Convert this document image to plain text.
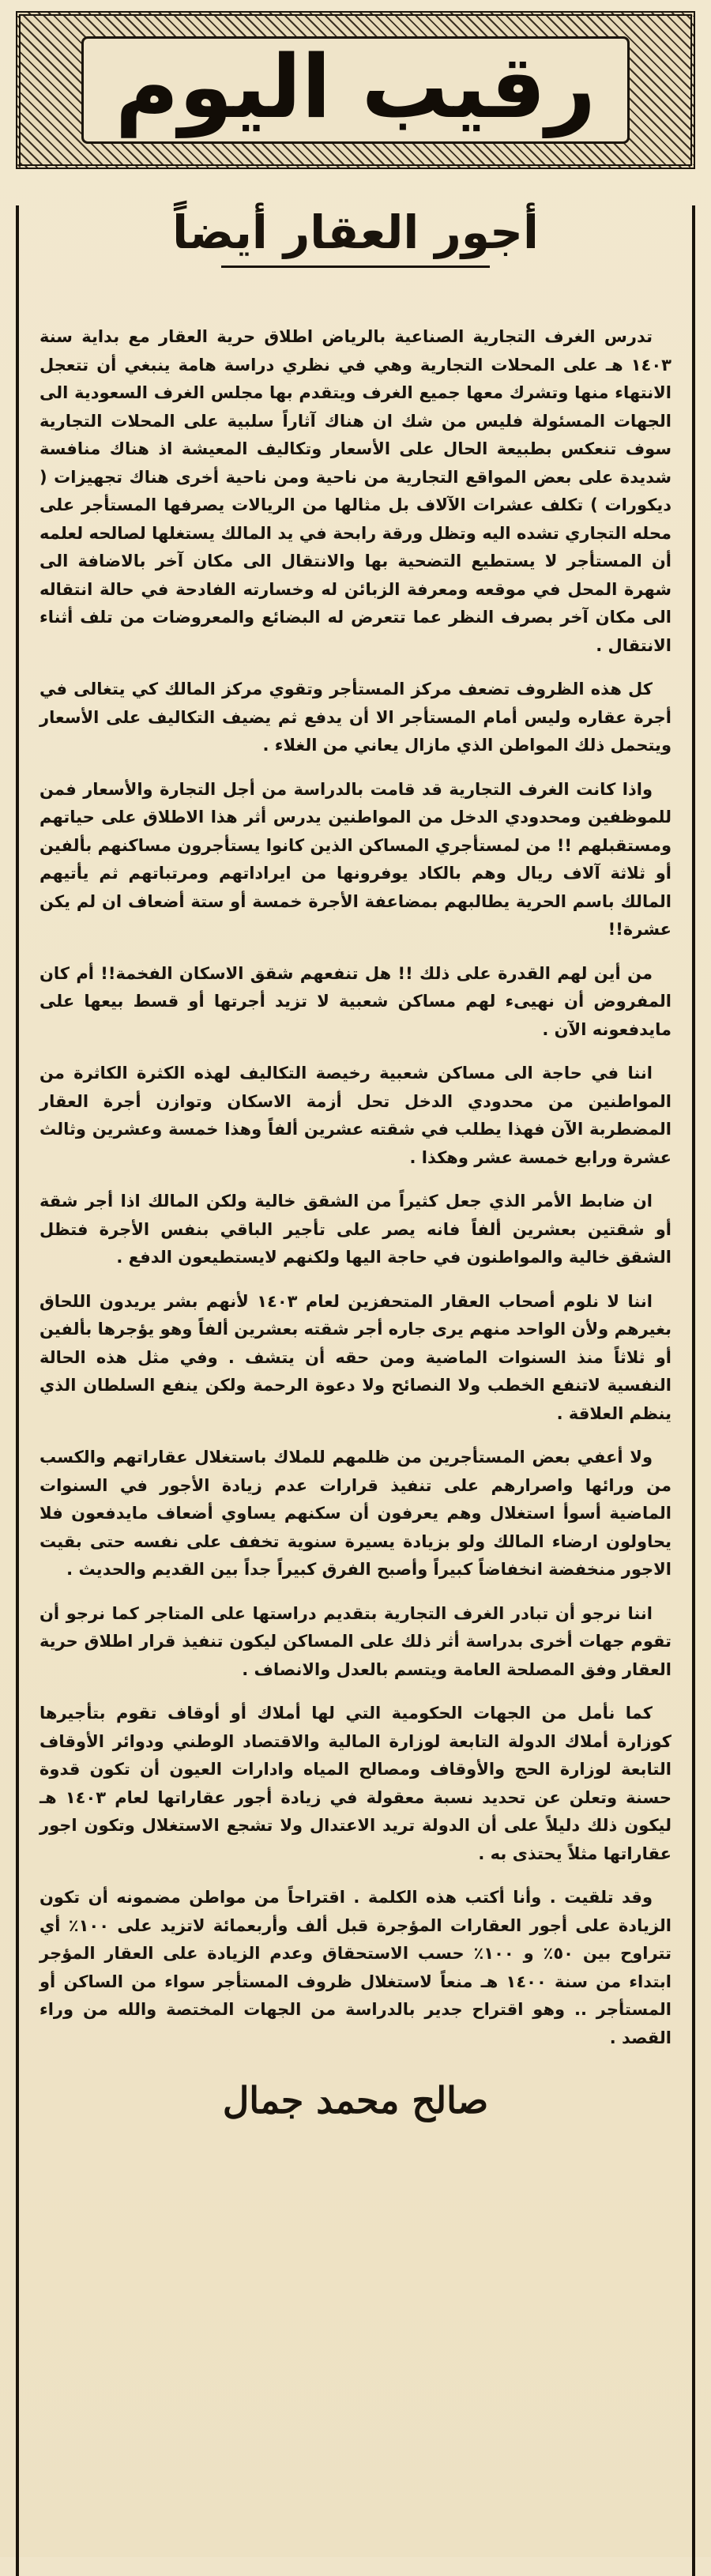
رقيب اليوم
أجور العقار أيضاً

تدرس الغرف التجارية الصناعية بالرياض اطلاق حرية العقار مع بداية سنة ١٤٠٣ هـ على المحلات التجارية وهي في نظري دراسة هامة ينبغي أن تتعجل الانتهاء منها وتشرك معها جميع الغرف ويتقدم بها مجلس الغرف السعودية الى الجهات المسئولة فليس من شك ان هناك آثاراً سلبية على المحلات التجارية سوف تنعكس بطبيعة الحال على الأسعار وتكاليف المعيشة اذ هناك منافسة شديدة على بعض المواقع التجارية من ناحية ومن ناحية أخرى هناك تجهيزات ( ديكورات ) تكلف عشرات الآلاف بل مثالها من الريالات يصرفها المستأجر على محله التجاري تشده اليه وتظل ورقة رابحة في يد المالك يستغلها لصالحه لعلمه أن المستأجر لا يستطيع التضحية بها والانتقال الى مكان آخر بالاضافة الى شهرة المحل في موقعه ومعرفة الزبائن له وخسارته الفادحة في حالة انتقاله الى مكان آخر بصرف النظر عما تتعرض له البضائع والمعروضات من تلف أثناء الانتقال .

كل هذه الظروف تضعف مركز المستأجر وتقوي مركز المالك كي يتغالى في أجرة عقاره وليس أمام المستأجر الا أن يدفع ثم يضيف التكاليف على الأسعار ويتحمل ذلك المواطن الذي مازال يعاني من الغلاء .

واذا كانت الغرف التجارية قد قامت بالدراسة من أجل التجارة والأسعار فمن للموظفين ومحدودي الدخل من المواطنين يدرس أثر هذا الاطلاق على حياتهم ومستقبلهم !! من لمستأجري المساكن الذين كانوا يستأجرون مساكنهم بألفين أو ثلاثة آلاف ريال وهم بالكاد يوفرونها من ايراداتهم ومرتباتهم ثم يأتيهم المالك باسم الحرية يطالبهم بمضاعفة الأجرة خمسة أو ستة أضعاف ان لم يكن عشرة!!

من أين لهم القدرة على ذلك !! هل تنفعهم شقق الاسكان الفخمة!! أم كان المفروض أن نهيىء لهم مساكن شعبية لا تزيد أجرتها أو قسط بيعها على مايدفعونه الآن .

اننا في حاجة الى مساكن شعبية رخيصة التكاليف لهذه الكثرة الكاثرة من المواطنين من محدودي الدخل تحل أزمة الاسكان وتوازن أجرة العقار المضطربة الآن فهذا يطلب في شقته عشرين ألفاً وهذا خمسة وعشرين وثالث عشرة ورابع خمسة عشر وهكذا .

ان ضابط الأمر الذي جعل كثيراً من الشقق خالية ولكن المالك اذا أجر شقة أو شقتين بعشرين ألفاً فانه يصر على تأجير الباقي بنفس الأجرة فتظل الشقق خالية والمواطنون في حاجة اليها ولكنهم لايستطيعون الدفع .

اننا لا نلوم أصحاب العقار المتحفزين لعام ١٤٠٣ لأنهم بشر يريدون اللحاق بغيرهم ولأن الواحد منهم يرى جاره أجر شقته بعشرين ألفاً وهو يؤجرها بألفين أو ثلاثاً منذ السنوات الماضية ومن حقه أن يتشف . وفي مثل هذه الحالة النفسية لاتنفع الخطب ولا النصائح ولا دعوة الرحمة ولكن ينفع السلطان الذي ينظم العلاقة .

ولا أعفي بعض المستأجرين من ظلمهم للملاك باستغلال عقاراتهم والكسب من ورائها واصرارهم على تنفيذ قرارات عدم زيادة الأجور في السنوات الماضية أسوأ استغلال وهم يعرفون أن سكنهم يساوي أضعاف مايدفعون فلا يحاولون ارضاء المالك ولو بزيادة يسيرة سنوية تخفف على نفسه حتى بقيت الاجور منخفضة انخفاضاً كبيراً وأصبح الفرق كبيراً جداً بين القديم والحديث .

اننا نرجو أن تبادر الغرف التجارية بتقديم دراستها على المتاجر كما نرجو أن تقوم جهات أخرى بدراسة أثر ذلك على المساكن ليكون تنفيذ قرار اطلاق حرية العقار وفق المصلحة العامة ويتسم بالعدل والانصاف .

كما نأمل من الجهات الحكومية التي لها أملاك أو أوقاف تقوم بتأجيرها كوزارة أملاك الدولة التابعة لوزارة المالية والاقتصاد الوطني ودوائر الأوقاف التابعة لوزارة الحج والأوقاف ومصالح المياه وادارات العيون أن تكون قدوة حسنة وتعلن عن تحديد نسبة معقولة في زيادة أجور عقاراتها لعام ١٤٠٣ هـ ليكون ذلك دليلاً على أن الدولة تريد الاعتدال ولا تشجع الاستغلال وتكون اجور عقاراتها مثلاً يحتذى به .

وقد تلقيت . وأنا أكتب هذه الكلمة . اقتراحاً من مواطن مضمونه أن تكون الزيادة على أجور العقارات المؤجرة قبل ألف وأربعمائة لاتزيد على ١٠٠٪ أي تتراوح بين ٥٠٪ و ١٠٠٪ حسب الاستحقاق وعدم الزيادة على العقار المؤجر ابتداء من سنة ١٤٠٠ هـ منعاً لاستغلال ظروف المستأجر سواء من الساكن أو المستأجر .. وهو اقتراح جدير بالدراسة من الجهات المختصة والله من وراء القصد .

صالح محمد جمال
